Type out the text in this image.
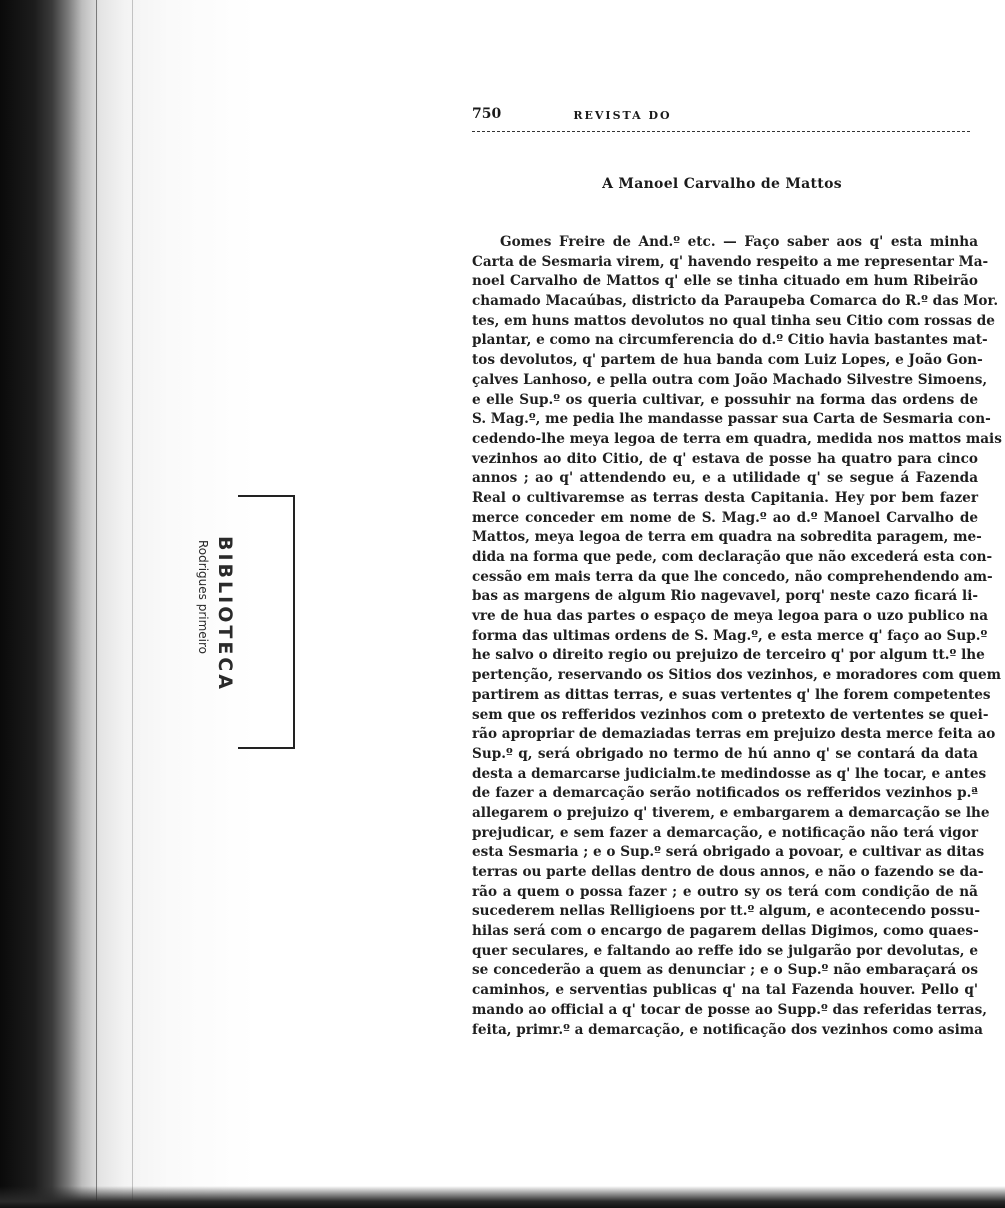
BIBLIOTECA
Rodrigues primeiro
750	REVISTA DO
A Manoel Carvalho de Mattos
Gomes Freire de And.º etc. — Faço saber aos q' esta minha
Carta de Sesmaria virem, q' havendo respeito a me representar Ma-
noel Carvalho de Mattos q' elle se tinha cituado em hum Ribeirão
chamado Macaúbas, districto da Paraupeba Comarca do R.º das Mor.
tes, em huns mattos devolutos no qual tinha seu Citio com rossas de
plantar, e como na circumferencia do d.º Citio havia bastantes mat-
tos devolutos, q' partem de hua banda com Luiz Lopes, e João Gon-
çalves Lanhoso, e pella outra com João Machado Silvestre Simoens,
e elle Sup.º os queria cultivar, e possuhir na forma das ordens de
S. Mag.º, me pedia lhe mandasse passar sua Carta de Sesmaria con-
cedendo-lhe meya legoa de terra em quadra, medida nos mattos mais
vezinhos ao dito Citio, de q' estava de posse ha quatro para cinco
annos ; ao q' attendendo eu, e a utilidade q' se segue á Fazenda
Real o cultivaremse as terras desta Capitania. Hey por bem fazer
merce conceder em nome de S. Mag.º ao d.º Manoel Carvalho de
Mattos, meya legoa de terra em quadra na sobredita paragem, me-
dida na forma que pede, com declaração que não excederá esta con-
cessão em mais terra da que lhe concedo, não comprehendendo am-
bas as margens de algum Rio nagevavel, porq' neste cazo ficará li-
vre de hua das partes o espaço de meya legoa para o uzo publico na
forma das ultimas ordens de S. Mag.º, e esta merce q' faço ao Sup.º
he salvo o direito regio ou prejuizo de terceiro q' por algum tt.º lhe
pertenção, reservando os Sitios dos vezinhos, e moradores com quem
partirem as dittas terras, e suas vertentes q' lhe forem competentes
sem que os refferidos vezinhos com o pretexto de vertentes se quei-
rão apropriar de demaziadas terras em prejuizo desta merce feita ao
Sup.º q, será obrigado no termo de hú anno q' se contará da data
desta a demarcarse judicialm.te medindosse as q' lhe tocar, e antes
de fazer a demarcação serão notificados os refferidos vezinhos p.ª
allegarem o prejuizo q' tiverem, e embargarem a demarcação se lhe
prejudicar, e sem fazer a demarcação, e notificação não terá vigor
esta Sesmaria ; e o Sup.º será obrigado a povoar, e cultivar as ditas
terras ou parte dellas dentro de dous annos, e não o fazendo se da-
rão a quem o possa fazer ; e outro sy os terá com condição de nã
sucederem nellas Relligioens por tt.º algum, e acontecendo possu-
hilas será com o encargo de pagarem dellas Digimos, como quaes-
quer seculares, e faltando ao reffe ido se julgarão por devolutas, e
se concederão a quem as denunciar ; e o Sup.º não embaraçará os
caminhos, e serventias publicas q' na tal Fazenda houver. Pello q'
mando ao official a q' tocar de posse ao Supp.º das referidas terras,
feita, primr.º a demarcação, e notificação dos vezinhos como asima
